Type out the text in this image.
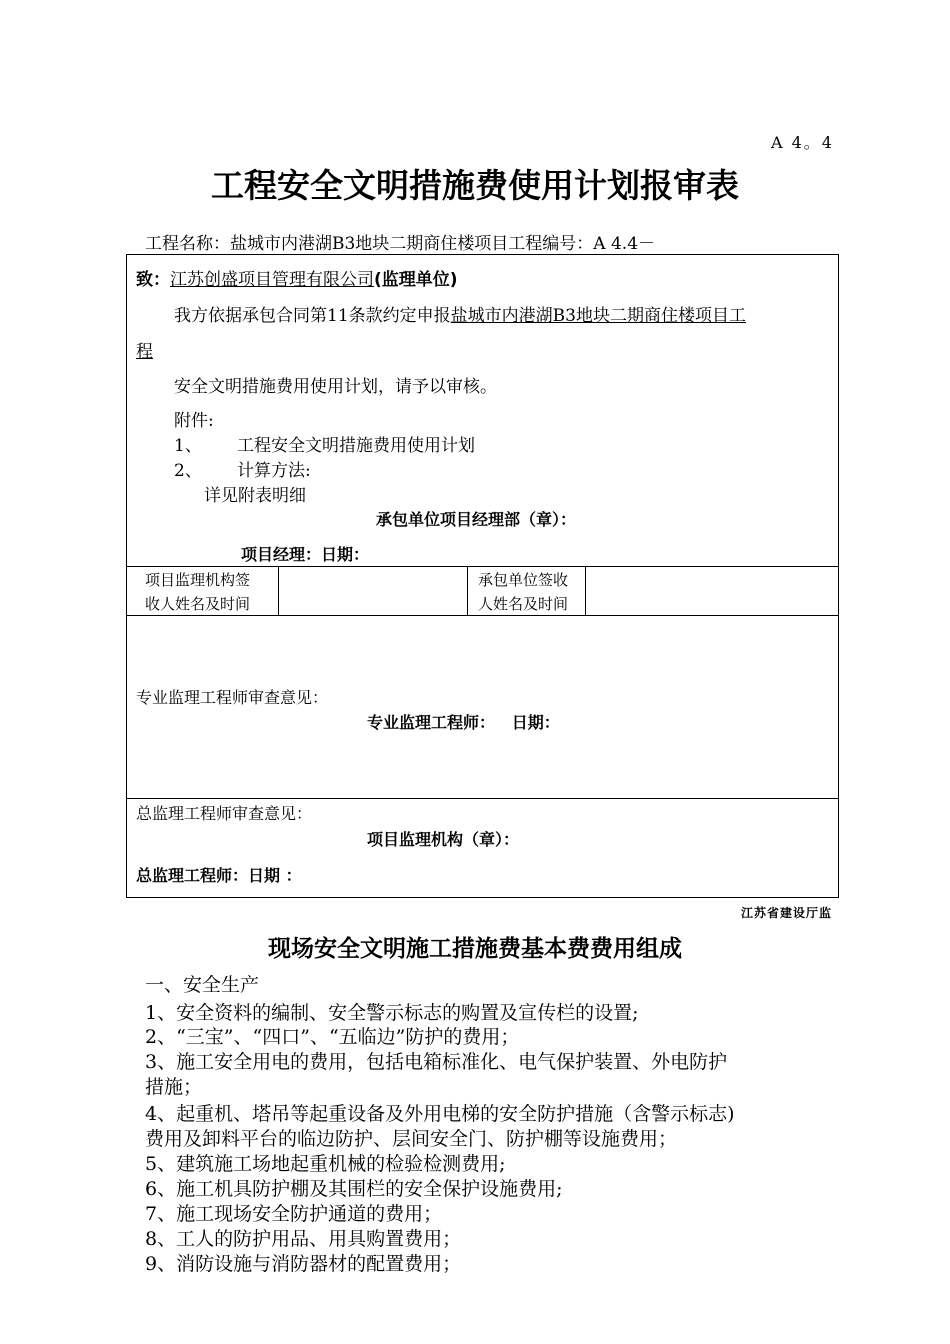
A 4。4
工程安全文明措施费使用计划报审表
工程名称：盐城市内港湖B3地块二期商住楼项目工程编号：A 4.4－
致：江苏创盛项目管理有限公司(监理单位)
我方依据承包合同第11条款约定申报盐城市内港湖B3地块二期商住楼项目工
程
安全文明措施费用使用计划，请予以审核。
附件:
1、 工程安全文明措施费用使用计划
2、 计算方法:
详见附表明细
承包单位项目经理部（章）：
项目经理：日期：
项目监理机构签
收人姓名及时间
承包单位签收
人姓名及时间
专业监理工程师审查意见：
专业监理工程师：   日期：
总监理工程师审查意见：
项目监理机构（章）：
总监理工程师：日期 ：
江苏省建设厅监
现场安全文明施工措施费基本费费用组成
一、安全生产
1、安全资料的编制、安全警示标志的购置及宣传栏的设置;
2、“三宝”、“四口”、“五临边”防护的费用；
3、施工安全用电的费用，包括电箱标准化、电气保护装置、外电防护
措施；
4、起重机、塔吊等起重设备及外用电梯的安全防护措施（含警示标志)
费用及卸料平台的临边防护、层间安全门、防护棚等设施费用；
5、建筑施工场地起重机械的检验检测费用;
6、施工机具防护棚及其围栏的安全保护设施费用;
7、施工现场安全防护通道的费用；
8、工人的防护用品、用具购置费用；
9、消防设施与消防器材的配置费用；
